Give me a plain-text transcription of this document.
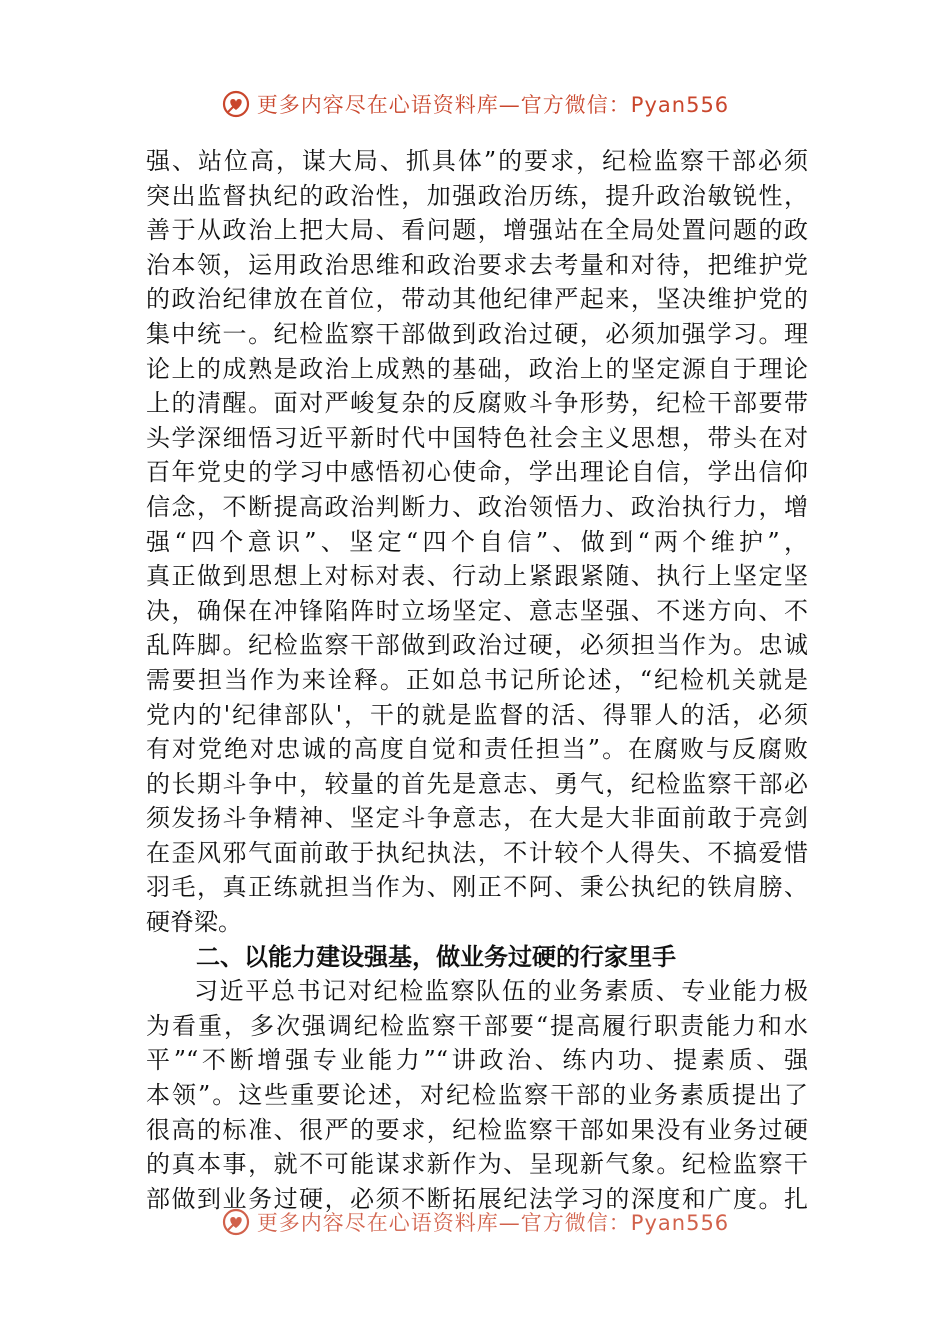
更多内容尽在心语资料库—官方微信：Pyan556
强、站位高，谋大局、抓具体”的要求，纪检监察干部必须
突出监督执纪的政治性，加强政治历练，提升政治敏锐性，
善于从政治上把大局、看问题，增强站在全局处置问题的政
治本领，运用政治思维和政治要求去考量和对待，把维护党
的政治纪律放在首位，带动其他纪律严起来，坚决维护党的
集中统一。纪检监察干部做到政治过硬，必须加强学习。理
论上的成熟是政治上成熟的基础，政治上的坚定源自于理论
上的清醒。面对严峻复杂的反腐败斗争形势，纪检干部要带
头学深细悟习近平新时代中国特色社会主义思想，带头在对
百年党史的学习中感悟初心使命，学出理论自信，学出信仰
信念，不断提高政治判断力、政治领悟力、政治执行力，增
强“四个意识”、坚定“四个自信”、做到“两个维护”，
真正做到思想上对标对表、行动上紧跟紧随、执行上坚定坚
决，确保在冲锋陷阵时立场坚定、意志坚强、不迷方向、不
乱阵脚。纪检监察干部做到政治过硬，必须担当作为。忠诚
需要担当作为来诠释。正如总书记所论述，“纪检机关就是
党内的'纪律部队'，干的就是监督的活、得罪人的活，必须
有对党绝对忠诚的高度自觉和责任担当”。在腐败与反腐败
的长期斗争中，较量的首先是意志、勇气，纪检监察干部必
须发扬斗争精神、坚定斗争意志，在大是大非面前敢于亮剑
在歪风邪气面前敢于执纪执法，不计较个人得失、不搞爱惜
羽毛，真正练就担当作为、刚正不阿、秉公执纪的铁肩膀、
硬脊梁。
二、以能力建设强基，做业务过硬的行家里手
习近平总书记对纪检监察队伍的业务素质、专业能力极
为看重，多次强调纪检监察干部要“提高履行职责能力和水
平”“不断增强专业能力”“讲政治、练内功、提素质、强
本领”。这些重要论述，对纪检监察干部的业务素质提出了
很高的标准、很严的要求，纪检监察干部如果没有业务过硬
的真本事，就不可能谋求新作为、呈现新气象。纪检监察干
部做到业务过硬，必须不断拓展纪法学习的深度和广度。扎
更多内容尽在心语资料库—官方微信：Pyan556
